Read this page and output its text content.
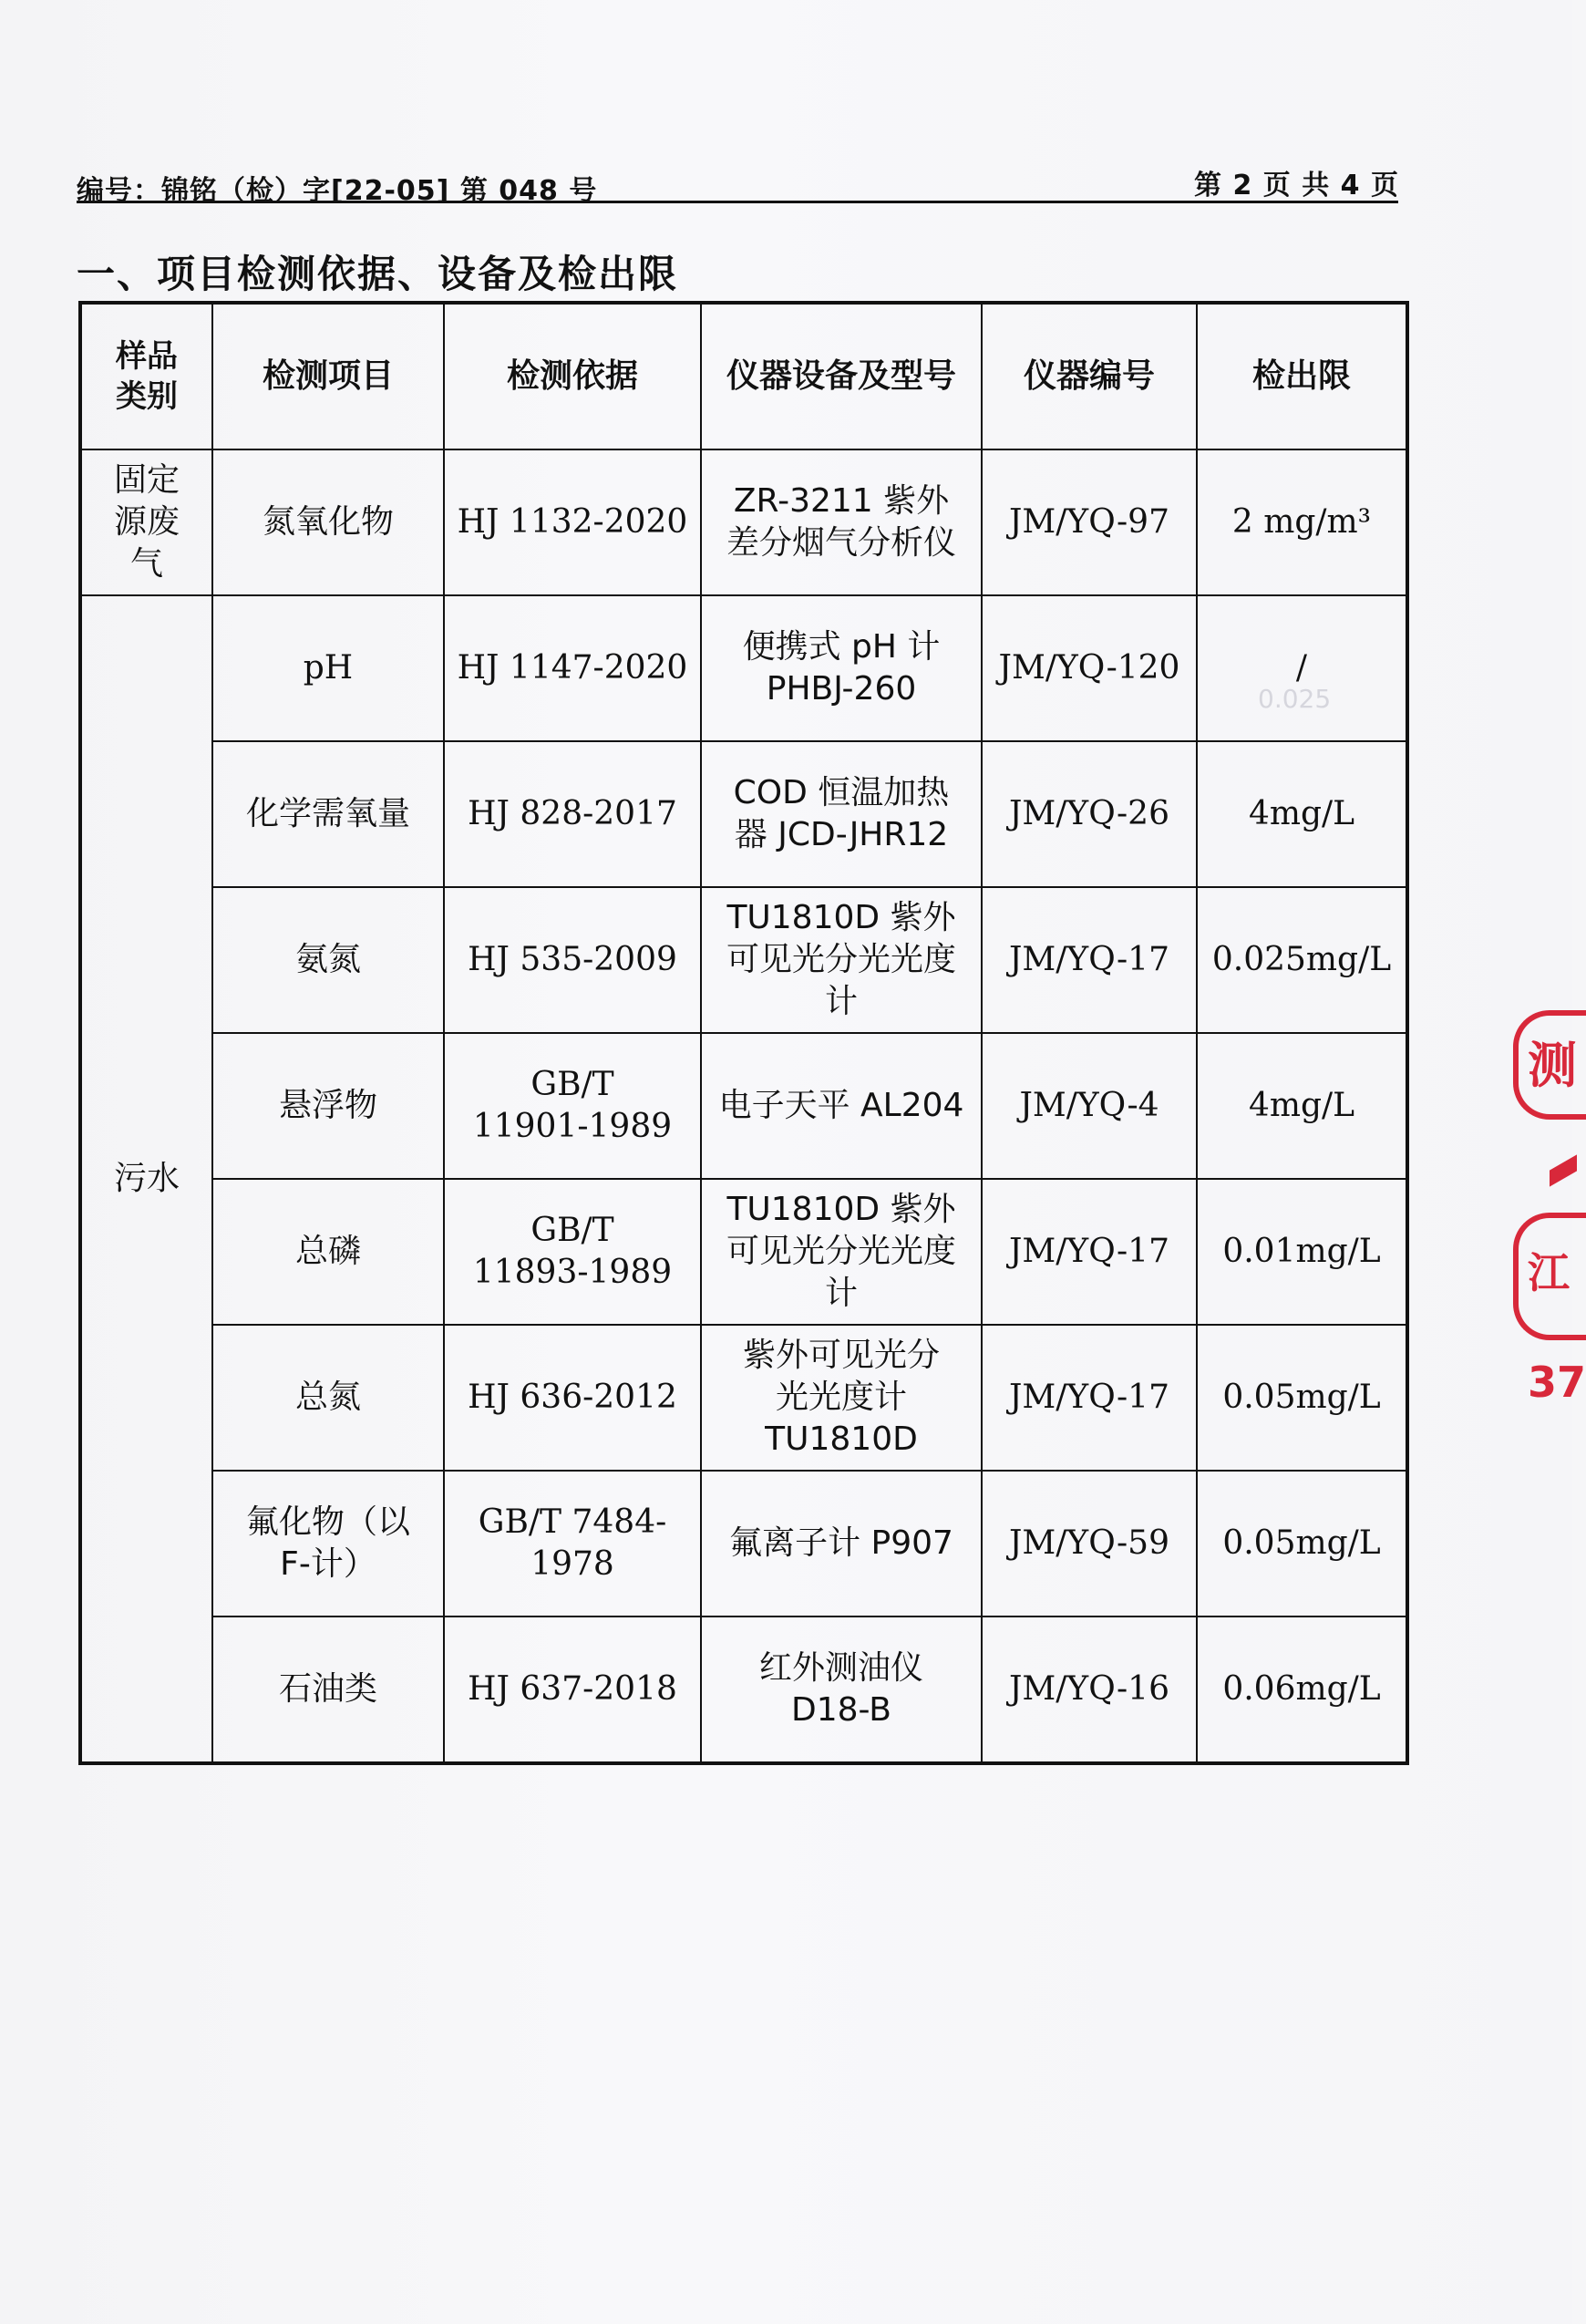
编号：锦铭（检）字[22-05] 第 048 号	第 2 页 共 4 页
一、项目检测依据、设备及检出限
样品类别	检测项目	检测依据	仪器设备及型号	仪器编号	检出限
固定源废气	氮氧化物	HJ 1132-2020	ZR-3211 紫外差分烟气分析仪	JM/YQ-97	2 mg/m³
污水	pH	HJ 1147-2020	便携式 pH 计 PHBJ-260	JM/YQ-120	/
	化学需氧量	HJ 828-2017	COD 恒温加热器 JCD-JHR12	JM/YQ-26	4mg/L
	氨氮	HJ 535-2009	TU1810D 紫外可见光分光光度计	JM/YQ-17	0.025mg/L
	悬浮物	GB/T 11901-1989	电子天平 AL204	JM/YQ-4	4mg/L
	总磷	GB/T 11893-1989	TU1810D 紫外可见光分光光度计	JM/YQ-17	0.01mg/L
	总氮	HJ 636-2012	紫外可见光分光光度计 TU1810D	JM/YQ-17	0.05mg/L
	氟化物（以 F-计）	GB/T 7484-1978	氟离子计 P907	JM/YQ-59	0.05mg/L
	石油类	HJ 637-2018	红外测油仪 D18-B	JM/YQ-16	0.06mg/L
0.025
测
江 37
